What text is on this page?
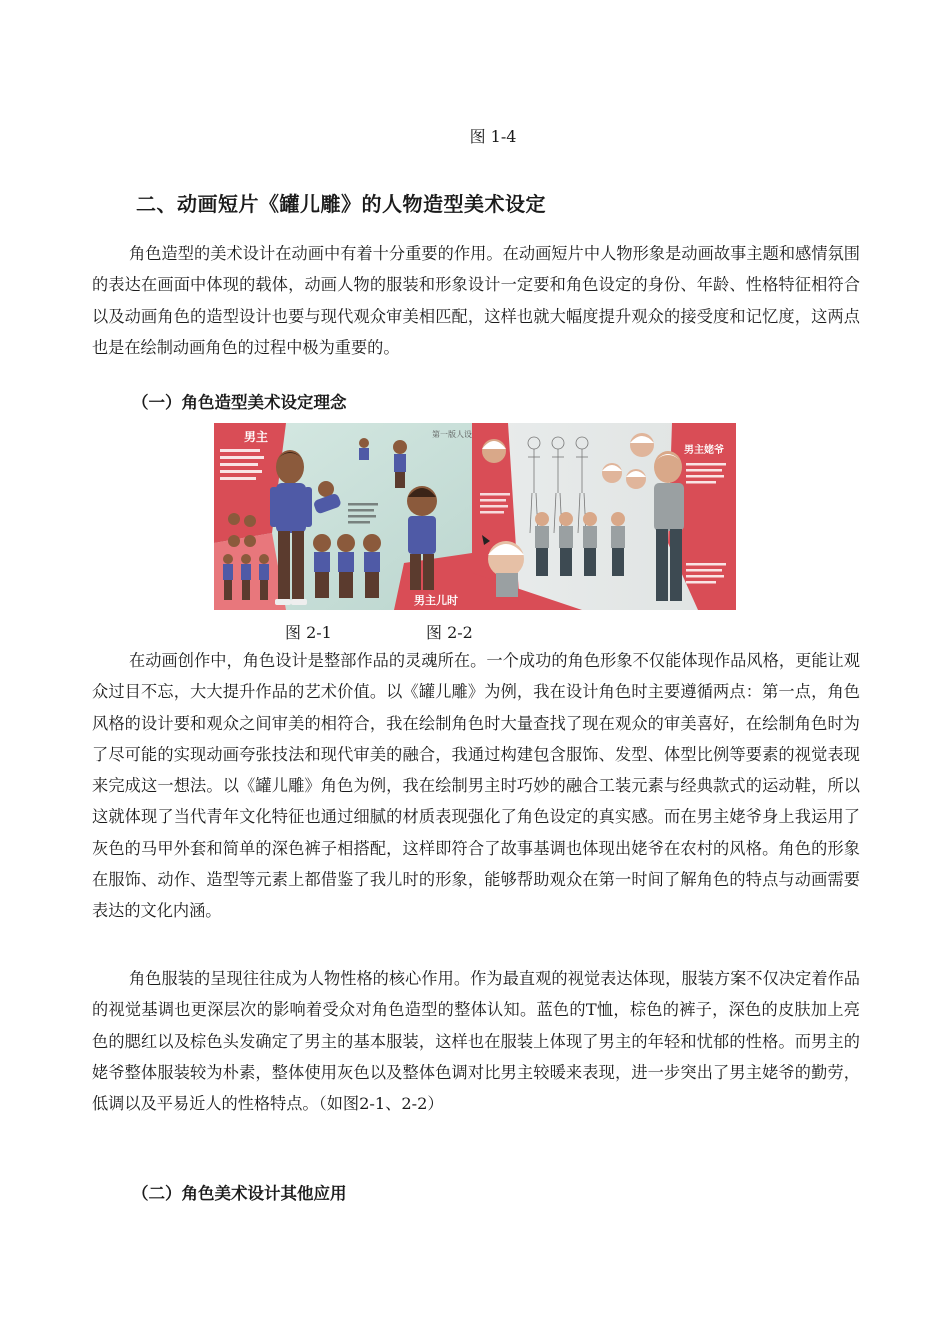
图 1-4
二、动画短片《罐儿雕》的人物造型美术设定

角色造型的美术设计在动画中有着十分重要的作用。在动画短片中人物形象是动画故事主题和感情氛围的表达在画面中体现的载体，动画人物的服装和形象设计一定要和角色设定的身份、年龄、性格特征相符合以及动画角色的造型设计也要与现代观众审美相匹配，这样也就大幅度提升观众的接受度和记忆度，这两点也是在绘制动画角色的过程中极为重要的。

（一）角色造型美术设定理念
男主	第一版人设
男主儿时
男主姥爷
图 2-1	图 2-2

在动画创作中，角色设计是整部作品的灵魂所在。一个成功的角色形象不仅能体现作品风格，更能让观众过目不忘，大大提升作品的艺术价值。以《罐儿雕》为例，我在设计角色时主要遵循两点：第一点，角色风格的设计要和观众之间审美的相符合，我在绘制角色时大量查找了现在观众的审美喜好，在绘制角色时为了尽可能的实现动画夸张技法和现代审美的融合，我通过构建包含服饰、发型、体型比例等要素的视觉表现来完成这一想法。以《罐儿雕》角色为例，我在绘制男主时巧妙的融合工装元素与经典款式的运动鞋，所以这就体现了当代青年文化特征也通过细腻的材质表现强化了角色设定的真实感。而在男主姥爷身上我运用了灰色的马甲外套和简单的深色裤子相搭配，这样即符合了故事基调也体现出姥爷在农村的风格。角色的形象在服饰、动作、造型等元素上都借鉴了我儿时的形象，能够帮助观众在第一时间了解角色的特点与动画需要表达的文化内涵。

角色服装的呈现往往成为人物性格的核心作用。作为最直观的视觉表达体现，服装方案不仅决定着作品的视觉基调也更深层次的影响着受众对角色造型的整体认知。蓝色的T恤，棕色的裤子，深色的皮肤加上亮色的腮红以及棕色头发确定了男主的基本服装，这样也在服装上体现了男主的年轻和忧郁的性格。而男主的姥爷整体服装较为朴素，整体使用灰色以及整体色调对比男主较暖来表现，进一步突出了男主姥爷的勤劳，低调以及平易近人的性格特点。（如图2-1、2-2）

（二）角色美术设计其他应用
